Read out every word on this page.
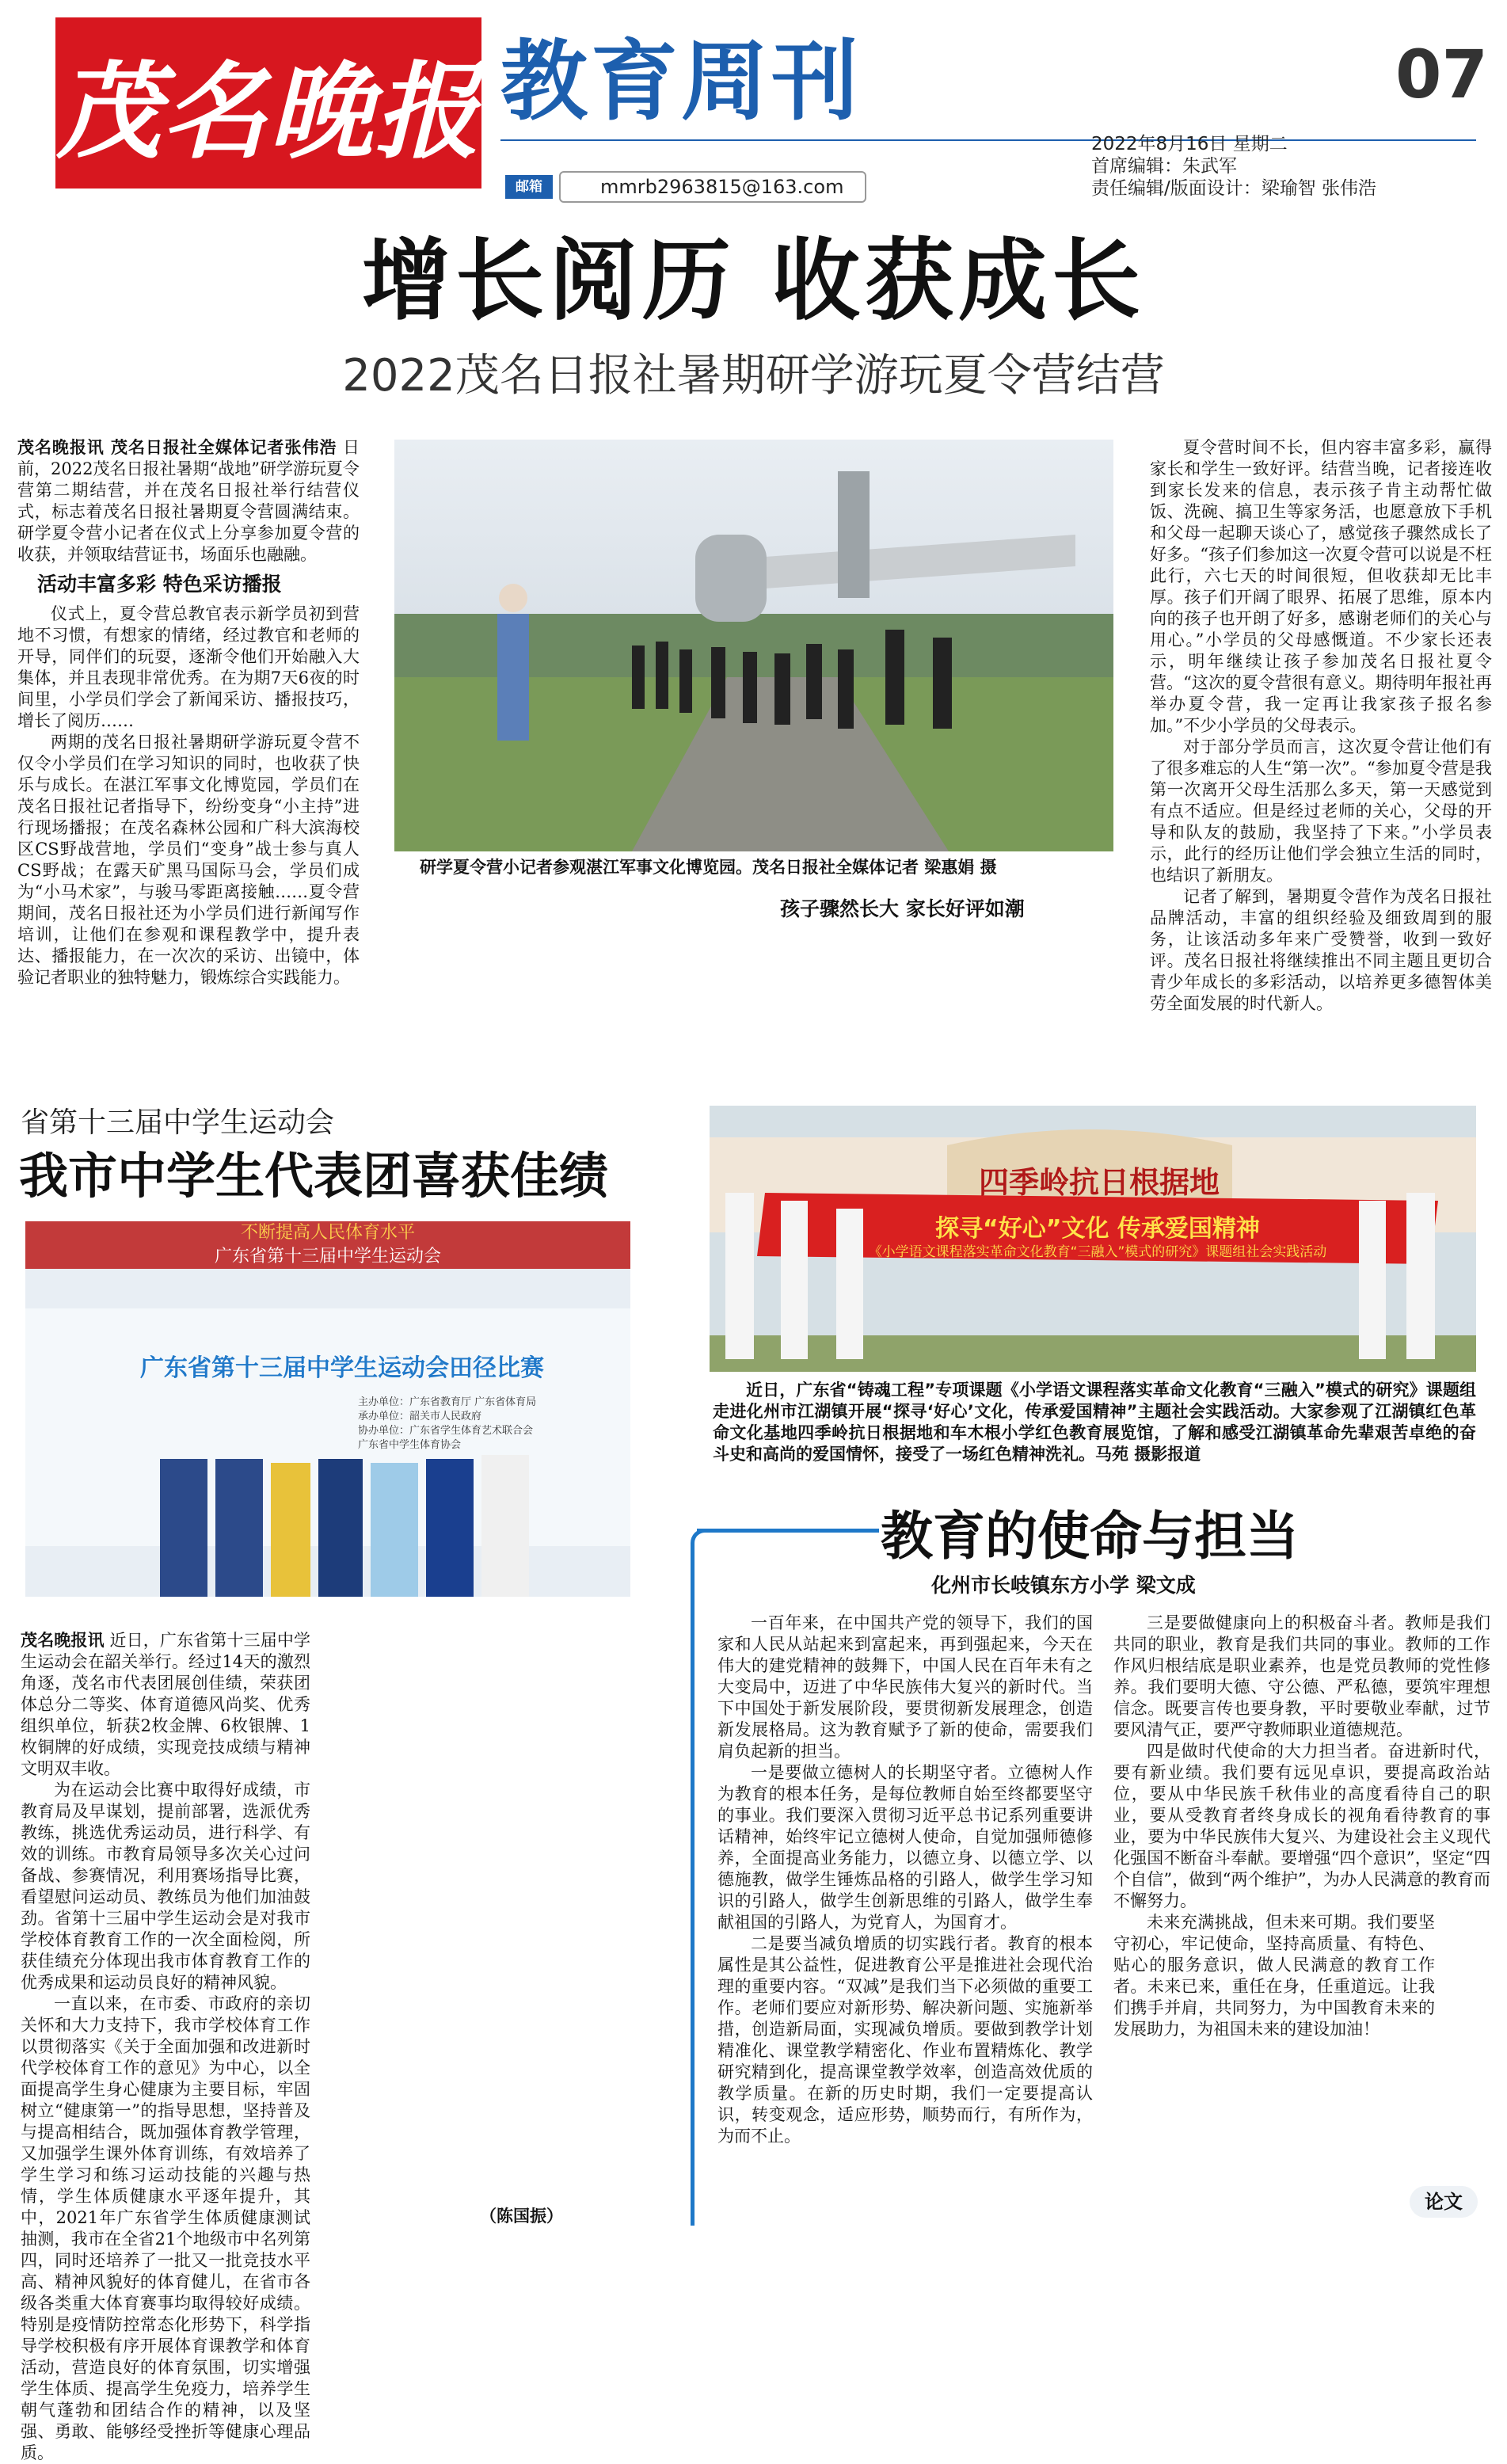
茂名晚报 教育周刊	07
邮箱	mmrb2963815@163.com
2022年8月16日 星期二
首席编辑：朱武军
责任编辑/版面设计：梁瑜智 张伟浩
增长阅历 收获成长
2022茂名日报社暑期研学游玩夏令营结营

茂名晚报讯 茂名日报社全媒体记者张伟浩 日前，2022茂名日报社暑期“战地”研学游玩夏令营第二期结营，并在茂名日报社举行结营仪式，标志着茂名日报社暑期夏令营圆满结束。研学夏令营小记者在仪式上分享参加夏令营的收获，并领取结营证书，场面乐也融融。

活动丰富多彩 特色采访播报

仪式上，夏令营总教官表示新学员初到营地不习惯，有想家的情绪，经过教官和老师的开导，同伴们的玩耍，逐渐令他们开始融入大集体，并且表现非常优秀。在为期7天6夜的时间里，小学员们学会了新闻采访、播报技巧，增长了阅历……

两期的茂名日报社暑期研学游玩夏令营不仅令小学员们在学习知识的同时，也收获了快乐与成长。在湛江军事文化博览园，学员们在茂名日报社记者指导下，纷纷变身“小主持”进行现场播报；在茂名森林公园和广科大滨海校区CS野战营地，学员们“变身”战士参与真人CS野战；在露天矿黑马国际马会，学员们成为“小马术家”，与骏马零距离接触……夏令营期间，茂名日报社还为小学员们进行新闻写作培训，让他们在参观和课程教学中，提升表达、播报能力，在一次次的采访、出镜中，体验记者职业的独特魅力，锻炼综合实践能力。

研学夏令营小记者参观湛江军事文化博览园。茂名日报社全媒体记者 梁惠娟 摄

孩子骤然长大 家长好评如潮

夏令营时间不长，但内容丰富多彩，赢得家长和学生一致好评。结营当晚，记者接连收到家长发来的信息，表示孩子肯主动帮忙做饭、洗碗、搞卫生等家务活，也愿意放下手机和父母一起聊天谈心了，感觉孩子骤然成长了好多。“孩子们参加这一次夏令营可以说是不枉此行，六七天的时间很短，但收获却无比丰厚。孩子们开阔了眼界、拓展了思维，原本内向的孩子也开朗了好多，感谢老师们的关心与用心。”小学员的父母感慨道。不少家长还表示，明年继续让孩子参加茂名日报社夏令营。“这次的夏令营很有意义。期待明年报社再举办夏令营，我一定再让我家孩子报名参加。”不少小学员的父母表示。

对于部分学员而言，这次夏令营让他们有了很多难忘的人生“第一次”。“参加夏令营是我第一次离开父母生活那么多天，第一天感觉到有点不适应。但是经过老师的关心，父母的开导和队友的鼓励，我坚持了下来。”小学员表示，此行的经历让他们学会独立生活的同时，也结识了新朋友。

记者了解到，暑期夏令营作为茂名日报社品牌活动，丰富的组织经验及细致周到的服务，让该活动多年来广受赞誉，收到一致好评。茂名日报社将继续推出不同主题且更切合青少年成长的多彩活动，以培养更多德智体美劳全面发展的时代新人。

省第十三届中学生运动会
我市中学生代表团喜获佳绩
不断提高人民体育水平
广东省第十三届中学生运动会
广东省第十三届中学生运动会田径比赛
主办单位：广东省教育厅 广东省体育局
承办单位：韶关市人民政府
协办单位：广东省学生体育艺术联合会
广东省中学生体育协会

茂名晚报讯 近日，广东省第十三届中学生运动会在韶关举行。经过14天的激烈角逐，茂名市代表团展创佳绩，荣获团体总分二等奖、体育道德风尚奖、优秀组织单位，斩获2枚金牌、6枚银牌、1枚铜牌的好成绩，实现竞技成绩与精神文明双丰收。

为在运动会比赛中取得好成绩，市教育局及早谋划，提前部署，选派优秀教练，挑选优秀运动员，进行科学、有效的训练。市教育局领导多次关心过问备战、参赛情况，利用赛场指导比赛，看望慰问运动员、教练员为他们加油鼓劲。省第十三届中学生运动会是对我市学校体育教育工作的一次全面检阅，所获佳绩充分体现出我市体育教育工作的优秀成果和运动员良好的精神风貌。

一直以来，在市委、市政府的亲切关怀和大力支持下，我市学校体育工作以贯彻落实《关于全面加强和改进新时代学校体育工作的意见》为中心，以全面提高学生身心健康为主要目标，牢固树立“健康第一”的指导思想，坚持普及与提高相结合，既加强体育教学管理，又加强学生课外体育训练，有效培养了学生学习和练习运动技能的兴趣与热情，学生体质健康水平逐年提升，其中，2021年广东省学生体质健康测试抽测，我市在全省21个地级市中名列第四，同时还培养了一批又一批竞技水平高、精神风貌好的体育健儿，在省市各级各类重大体育赛事均取得较好成绩。特别是疫情防控常态化形势下，科学指导学校积极有序开展体育课教学和体育活动，营造良好的体育氛围，切实增强学生体质、提高学生免疫力，培养学生朝气蓬勃和团结合作的精神，以及坚强、勇敢、能够经受挫折等健康心理品质。

（陈国振）
四季岭抗日根据地
探寻“好心”文化 传承爱国精神
《小学语文课程落实革命文化教育“三融入”模式的研究》课题组社会实践活动
近日，广东省“铸魂工程”专项课题《小学语文课程落实革命文化教育“三融入”模式的研究》课题组走进化州市江湖镇开展“探寻‘好心’文化，传承爱国精神”主题社会实践活动。大家参观了江湖镇红色革命文化基地四季岭抗日根据地和车木根小学红色教育展览馆，了解和感受江湖镇革命先辈艰苦卓绝的奋斗史和高尚的爱国情怀，接受了一场红色精神洗礼。马苑 摄影报道
教育的使命与担当
化州市长岐镇东方小学 梁文成

一百年来，在中国共产党的领导下，我们的国家和人民从站起来到富起来，再到强起来，今天在伟大的建党精神的鼓舞下，中国人民在百年未有之大变局中，迈进了中华民族伟大复兴的新时代。当下中国处于新发展阶段，要贯彻新发展理念，创造新发展格局。这为教育赋予了新的使命，需要我们肩负起新的担当。

一是要做立德树人的长期坚守者。立德树人作为教育的根本任务，是每位教师自始至终都要坚守的事业。我们要深入贯彻习近平总书记系列重要讲话精神，始终牢记立德树人使命，自觉加强师德修养，全面提高业务能力，以德立身、以德立学、以德施教，做学生锤炼品格的引路人，做学生学习知识的引路人，做学生创新思维的引路人，做学生奉献祖国的引路人，为党育人，为国育才。

二是要当减负增质的切实践行者。教育的根本属性是其公益性，促进教育公平是推进社会现代治理的重要内容。“双减”是我们当下必须做的重要工作。老师们要应对新形势、解决新问题、实施新举措，创造新局面，实现减负增质。要做到教学计划精准化、课堂教学精密化、作业布置精炼化、教学研究精到化，提高课堂教学效率，创造高效优质的教学质量。在新的历史时期，我们一定要提高认识，转变观念，适应形势，顺势而行，有所作为，为而不止。

三是要做健康向上的积极奋斗者。教师是我们共同的职业，教育是我们共同的事业。教师的工作作风归根结底是职业素养，也是党员教师的党性修养。我们要明大德、守公德、严私德，要筑牢理想信念。既要言传也要身教，平时要敬业奉献，过节要风清气正，要严守教师职业道德规范。

四是做时代使命的大力担当者。奋进新时代，要有新业绩。我们要有远见卓识，要提高政治站位，要从中华民族千秋伟业的高度看待自己的职业，要从受教育者终身成长的视角看待教育的事业，要为中华民族伟大复兴、为建设社会主义现代化强国不断奋斗奉献。要增强“四个意识”，坚定“四个自信”，做到“两个维护”，为办人民满意的教育而不懈努力。

未来充满挑战，但未来可期。我们要坚守初心，牢记使命，坚持高质量、有特色、贴心的服务意识，做人民满意的教育工作者。未来已来，重任在身，任重道远。让我们携手并肩，共同努力，为中国教育未来的发展助力，为祖国未来的建设加油！

论文
